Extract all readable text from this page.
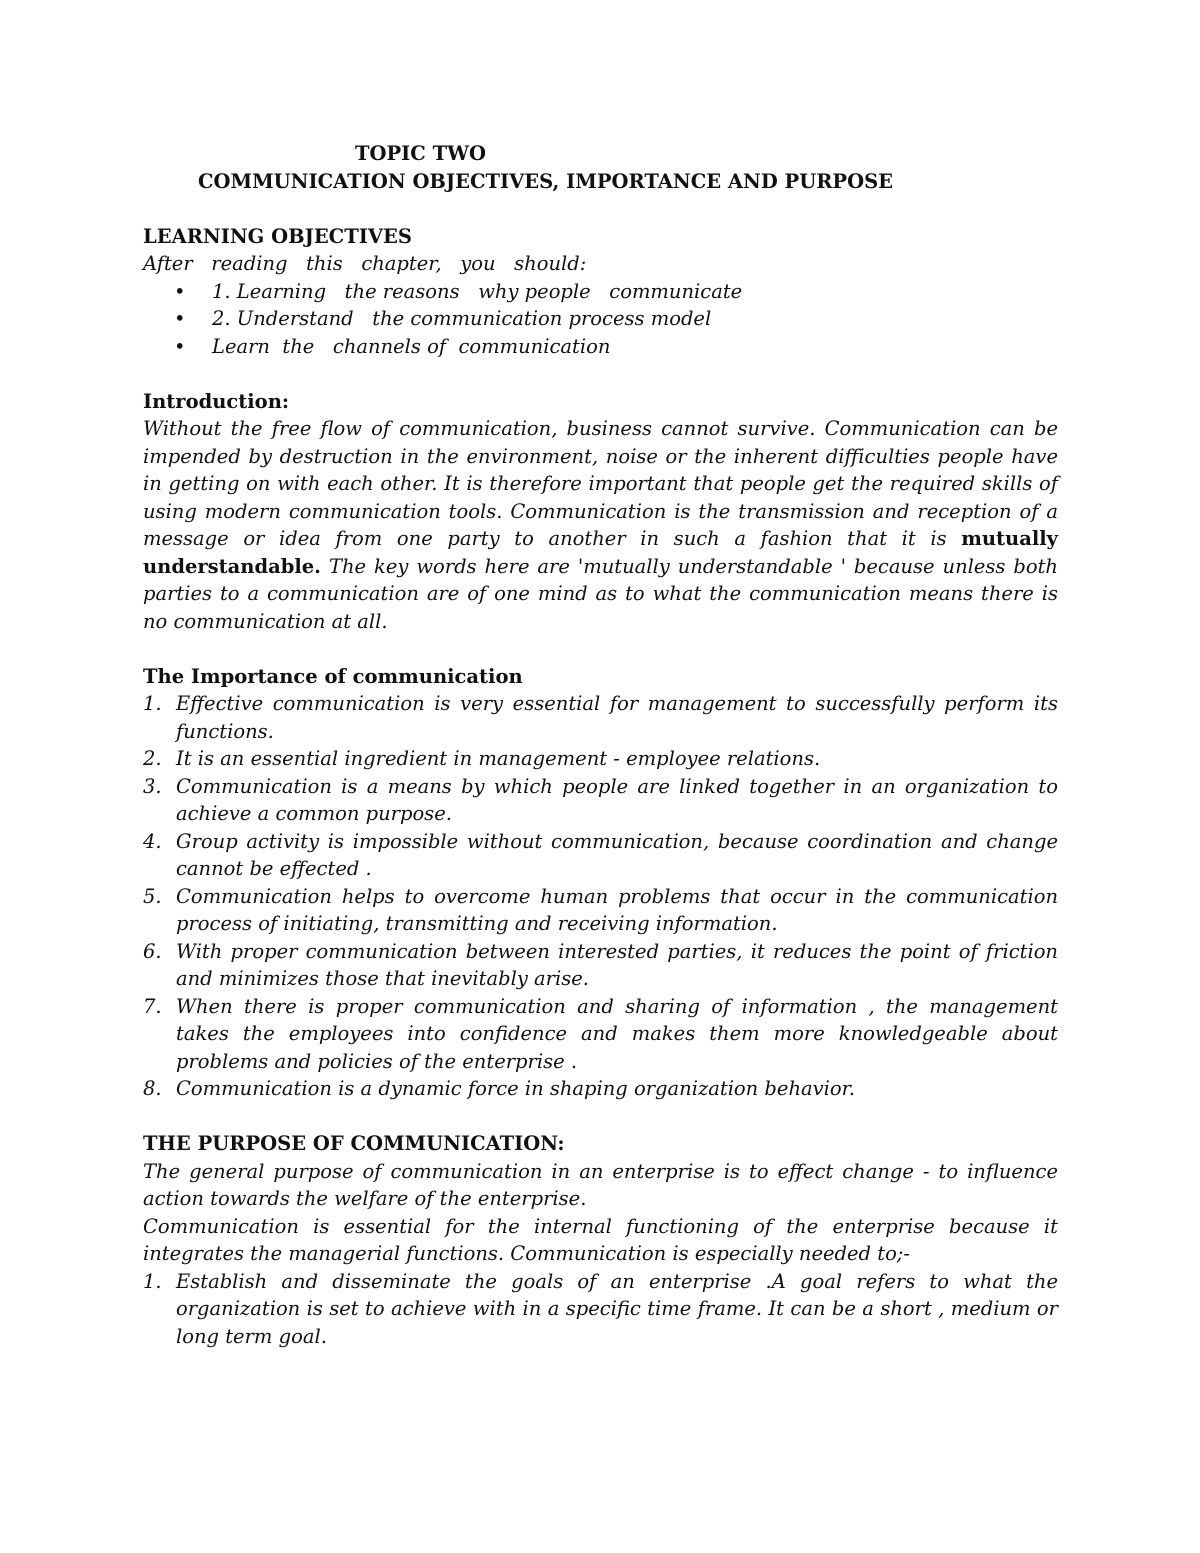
TOPIC TWO
COMMUNICATION OBJECTIVES, IMPORTANCE AND PURPOSE
LEARNING OBJECTIVES
After   reading   this   chapter,   you   should:
• 1. Learning   the reasons   why people   communicate
• 2. Understand   the communication process model
• Learn  the   channels of  communication
Introduction:
Without the free flow of communication, business cannot survive. Communication can be impended by destruction in the environment, noise or the inherent difficulties people have in getting on with each other. It is therefore important that people get the required skills of using modern communication tools. Communication is the transmission and reception of a message or idea from one party to another in such a fashion that it is mutually understandable. The key words here are 'mutually understandable ' because unless both parties to a communication are of one mind as to what the communication means there is no communication at all.
The Importance of communication
1. Effective communication is very essential for management to successfully perform its functions.
2. It is an essential ingredient in management - employee relations.
3. Communication is a means by which people are linked together in an organization to achieve a common purpose.
4. Group activity is impossible without communication, because coordination and change cannot be effected .
5. Communication helps to overcome human problems that occur in the communication process of initiating, transmitting and receiving information.
6. With proper communication between interested parties, it reduces the point of friction and minimizes those that inevitably arise.
7. When there is proper communication and sharing of information , the management takes the employees into confidence and makes them more knowledgeable about problems and policies of the enterprise .
8. Communication is a dynamic force in shaping organization behavior.
THE PURPOSE OF COMMUNICATION:
The general purpose of communication in an enterprise is to effect change - to influence action towards the welfare of the enterprise.
Communication is essential for the internal functioning of the enterprise because it integrates the managerial functions. Communication is especially needed to;-
1. Establish and disseminate the goals of an enterprise .A goal refers to what the organization is set to achieve with in a specific time frame. It can be a short , medium or long term goal.
